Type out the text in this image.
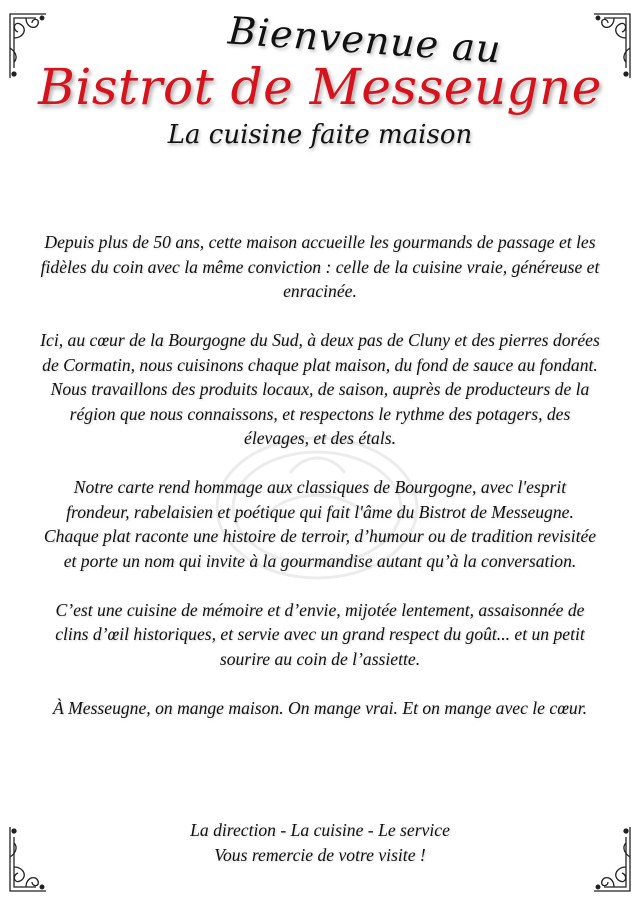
Bienvenue au
Bistrot de Messeugne
La cuisine faite maison

Depuis plus de 50 ans, cette maison accueille les gourmands de passage et les fidèles du coin avec la même conviction : celle de la cuisine vraie, généreuse et enracinée.

Ici, au cœur de la Bourgogne du Sud, à deux pas de Cluny et des pierres dorées de Cormatin, nous cuisinons chaque plat maison, du fond de sauce au fondant. Nous travaillons des produits locaux, de saison, auprès de producteurs de la région que nous connaissons, et respectons le rythme des potagers, des élevages, et des étals.

Notre carte rend hommage aux classiques de Bourgogne, avec l'esprit frondeur, rabelaisien et poétique qui fait l'âme du Bistrot de Messeugne. Chaque plat raconte une histoire de terroir, d’humour ou de tradition revisitée et porte un nom qui invite à la gourmandise autant qu’à la conversation.

C’est une cuisine de mémoire et d’envie, mijotée lentement, assaisonnée de clins d’œil historiques, et servie avec un grand respect du goût... et un petit sourire au coin de l’assiette.

À Messeugne, on mange maison. On mange vrai. Et on mange avec le cœur.

La direction - La cuisine - Le service
Vous remercie de votre visite !
